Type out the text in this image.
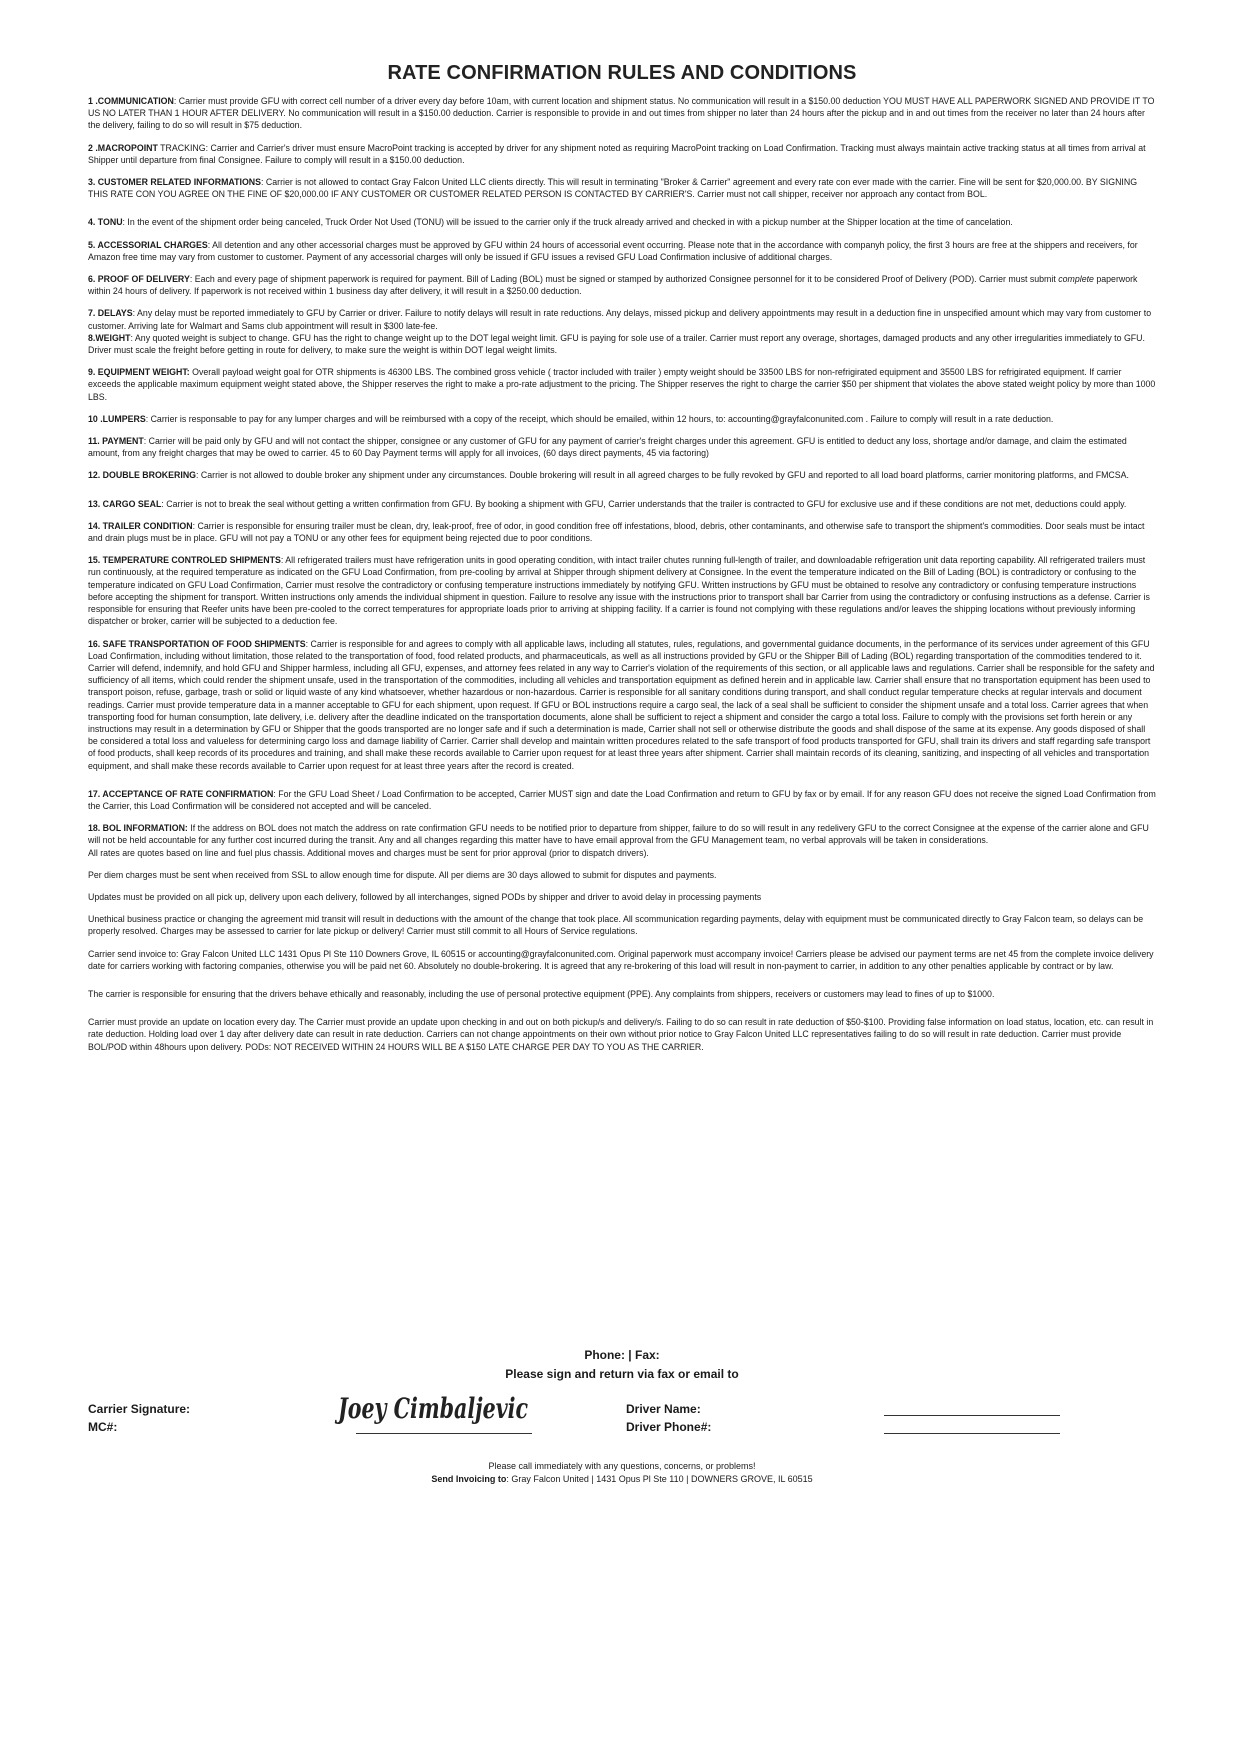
RATE CONFIRMATION RULES AND CONDITIONS

1 .COMMUNICATION: Carrier must provide GFU with correct cell number of a driver every day before 10am, with current location and shipment status. No communication will result in a $150.00 deduction YOU MUST HAVE ALL PAPERWORK SIGNED AND PROVIDE IT TO US NO LATER THAN 1 HOUR AFTER DELIVERY. No communication will result in a $150.00 deduction. Carrier is responsible to provide in and out times from shipper no later than 24 hours after the pickup and in and out times from the receiver no later than 24 hours after the delivery, failing to do so will result in $75 deduction.

2 .MACROPOINT TRACKING: Carrier and Carrier's driver must ensure MacroPoint tracking is accepted by driver for any shipment noted as requiring MacroPoint tracking on Load Confirmation. Tracking must always maintain active tracking status at all times from arrival at Shipper until departure from final Consignee. Failure to comply will result in a $150.00 deduction.

3. CUSTOMER RELATED INFORMATIONS: Carrier is not allowed to contact Gray Falcon United LLC clients directly. This will result in terminating "Broker & Carrier" agreement and every rate con ever made with the carrier. Fine will be sent for $20,000.00. BY SIGNING THIS RATE CON YOU AGREE ON THE FINE OF $20,000.00 IF ANY CUSTOMER OR CUSTOMER RELATED PERSON IS CONTACTED BY CARRIER'S. Carrier must not call shipper, receiver nor approach any contact from BOL.

4. TONU: In the event of the shipment order being canceled, Truck Order Not Used (TONU) will be issued to the carrier only if the truck already arrived and checked in with a pickup number at the Shipper location at the time of cancelation.

5. ACCESSORIAL CHARGES: All detention and any other accessorial charges must be approved by GFU within 24 hours of accessorial event occurring. Please note that in the accordance with companyh policy, the first 3 hours are free at the shippers and receivers, for Amazon free time may vary from customer to customer. Payment of any accessorial charges will only be issued if GFU issues a revised GFU Load Confirmation inclusive of additional charges.

6. PROOF OF DELIVERY: Each and every page of shipment paperwork is required for payment. Bill of Lading (BOL) must be signed or stamped by authorized Consignee personnel for it to be considered Proof of Delivery (POD). Carrier must submit complete paperwork within 24 hours of delivery. If paperwork is not received within 1 business day after delivery, it will result in a $250.00 deduction.

7. DELAYS: Any delay must be reported immediately to GFU by Carrier or driver. Failure to notify delays will result in rate reductions. Any delays, missed pickup and delivery appointments may result in a deduction fine in unspecified amount which may vary from customer to customer. Arriving late for Walmart and Sams club appointment will result in $300 late-fee.

8.WEIGHT: Any quoted weight is subject to change. GFU has the right to change weight up to the DOT legal weight limit. GFU is paying for sole use of a trailer. Carrier must report any overage, shortages, damaged products and any other irregularities immediately to GFU. Driver must scale the freight before getting in route for delivery, to make sure the weight is within DOT legal weight limits.

9. EQUIPMENT WEIGHT: Overall payload weight goal for OTR shipments is 46300 LBS. The combined gross vehicle ( tractor included with trailer ) empty weight should be 33500 LBS for non-refrigirated equipment and 35500 LBS for refrigirated equipment. If carrier exceeds the applicable maximum equipment weight stated above, the Shipper reserves the right to make a pro-rate adjustment to the pricing. The Shipper reserves the right to charge the carrier $50 per shipment that violates the above stated weight policy by more than 1000 LBS.

10 .LUMPERS: Carrier is responsable to pay for any lumper charges and will be reimbursed with a copy of the receipt, which should be emailed, within 12 hours, to: accounting@grayfalconunited.com . Failure to comply will result in a rate deduction.

11. PAYMENT: Carrier will be paid only by GFU and will not contact the shipper, consignee or any customer of GFU for any payment of carrier's freight charges under this agreement. GFU is entitled to deduct any loss, shortage and/or damage, and claim the estimated amount, from any freight charges that may be owed to carrier. 45 to 60 Day Payment terms will apply for all invoices, (60 days direct payments, 45 via factoring)

12. DOUBLE BROKERING: Carrier is not allowed to double broker any shipment under any circumstances. Double brokering will result in all agreed charges to be fully revoked by GFU and reported to all load board platforms, carrier monitoring platforms, and FMCSA.

13. CARGO SEAL: Carrier is not to break the seal without getting a written confirmation from GFU. By booking a shipment with GFU, Carrier understands that the trailer is contracted to GFU for exclusive use and if these conditions are not met, deductions could apply.

14. TRAILER CONDITION: Carrier is responsible for ensuring trailer must be clean, dry, leak-proof, free of odor, in good condition free off infestations, blood, debris, other contaminants, and otherwise safe to transport the shipment's commodities. Door seals must be intact and drain plugs must be in place. GFU will not pay a TONU or any other fees for equipment being rejected due to poor conditions.

15. TEMPERATURE CONTROLED SHIPMENTS: All refrigerated trailers must have refrigeration units in good operating condition, with intact trailer chutes running full-length of trailer, and downloadable refrigeration unit data reporting capability. All refrigerated trailers must run continuously, at the required temperature as indicated on the GFU Load Confirmation, from pre-cooling by arrival at Shipper through shipment delivery at Consignee. In the event the temperature indicated on the Bill of Lading (BOL) is contradictory or confusing to the temperature indicated on GFU Load Confirmation, Carrier must resolve the contradictory or confusing temperature instructions immediately by notifying GFU. Written instructions by GFU must be obtained to resolve any contradictory or confusing temperature instructions before accepting the shipment for transport. Written instructions only amends the individual shipment in question. Failure to resolve any issue with the instructions prior to transport shall bar Carrier from using the contradictory or confusing instructions as a defense. Carrier is responsible for ensuring that Reefer units have been pre-cooled to the correct temperatures for appropriate loads prior to arriving at shipping facility. If a carrier is found not complying with these regulations and/or leaves the shipping locations without previously informing dispatcher or broker, carrier will be subjected to a deduction fee.

16. SAFE TRANSPORTATION OF FOOD SHIPMENTS: Carrier is responsible for and agrees to comply with all applicable laws, including all statutes, rules, regulations, and governmental guidance documents, in the performance of its services under agreement of this GFU Load Confirmation, including without limitation, those related to the transportation of food, food related products, and pharmaceuticals, as well as all instructions provided by GFU or the Shipper Bill of Lading (BOL) regarding transportation of the commodities tendered to it. Carrier will defend, indemnify, and hold GFU and Shipper harmless, including all GFU, expenses, and attorney fees related in any way to Carrier's violation of the requirements of this section, or all applicable laws and regulations. Carrier shall be responsible for the safety and sufficiency of all items, which could render the shipment unsafe, used in the transportation of the commodities, including all vehicles and transportation equipment as defined herein and in applicable law. Carrier shall ensure that no transportation equipment has been used to transport poison, refuse, garbage, trash or solid or liquid waste of any kind whatsoever, whether hazardous or non-hazardous. Carrier is responsible for all sanitary conditions during transport, and shall conduct regular temperature checks at regular intervals and document readings. Carrier must provide temperature data in a manner acceptable to GFU for each shipment, upon request. If GFU or BOL instructions require a cargo seal, the lack of a seal shall be sufficient to consider the shipment unsafe and a total loss. Carrier agrees that when transporting food for human consumption, late delivery, i.e. delivery after the deadline indicated on the transportation documents, alone shall be sufficient to reject a shipment and consider the cargo a total loss. Failure to comply with the provisions set forth herein or any instructions may result in a determination by GFU or Shipper that the goods transported are no longer safe and if such a determination is made, Carrier shall not sell or otherwise distribute the goods and shall dispose of the same at its expense. Any goods disposed of shall be considered a total loss and valueless for determining cargo loss and damage liability of Carrier. Carrier shall develop and maintain written procedures related to the safe transport of food products transported for GFU, shall train its drivers and staff regarding safe transport of food products, shall keep records of its procedures and training, and shall make these records available to Carrier upon request for at least three years after shipment. Carrier shall maintain records of its cleaning, sanitizing, and inspecting of all vehicles and transportation equipment, and shall make these records available to Carrier upon request for at least three years after the record is created.

17. ACCEPTANCE OF RATE CONFIRMATION: For the GFU Load Sheet / Load Confirmation to be accepted, Carrier MUST sign and date the Load Confirmation and return to GFU by fax or by email. If for any reason GFU does not receive the signed Load Confirmation from the Carrier, this Load Confirmation will be considered not accepted and will be canceled.

18. BOL INFORMATION: If the address on BOL does not match the address on rate confirmation GFU needs to be notified prior to departure from shipper, failure to do so will result in any redelivery GFU to the correct Consignee at the expense of the carrier alone and GFU will not be held accountable for any further cost incurred during the transit. Any and all changes regarding this matter have to have email approval from the GFU Management team, no verbal approvals will be taken in considerations.

All rates are quotes based on line and fuel plus chassis. Additional moves and charges must be sent for prior approval (prior to dispatch drivers).

Per diem charges must be sent when received from SSL to allow enough time for dispute. All per diems are 30 days allowed to submit for disputes and payments.

Updates must be provided on all pick up, delivery upon each delivery, followed by all interchanges, signed PODs by shipper and driver to avoid delay in processing payments

Unethical business practice or changing the agreement mid transit will result in deductions with the amount of the change that took place. All scommunication regarding payments, delay with equipment must be communicated directly to Gray Falcon team, so delays can be properly resolved. Charges may be assessed to carrier for late pickup or delivery! Carrier must still commit to all Hours of Service regulations.

Carrier send invoice to: Gray Falcon United LLC 1431 Opus Pl Ste 110 Downers Grove, IL 60515 or accounting@grayfalconunited.com. Original paperwork must accompany invoice! Carriers please be advised our payment terms are net 45 from the complete invoice delivery date for carriers working with factoring companies, otherwise you will be paid net 60. Absolutely no double-brokering. It is agreed that any re-brokering of this load will result in non-payment to carrier, in addition to any other penalties applicable by contract or by law.

The carrier is responsible for ensuring that the drivers behave ethically and reasonably, including the use of personal protective equipment (PPE). Any complaints from shippers, receivers or customers may lead to fines of up to $1000.

Carrier must provide an update on location every day. The Carrier must provide an update upon checking in and out on both pickup/s and delivery/s. Failing to do so can result in rate deduction of $50-$100. Providing false information on load status, location, etc. can result in rate deduction. Holding load over 1 day after delivery date can result in rate deduction. Carriers can not change appointments on their own without prior notice to Gray Falcon United LLC representatives failing to do so will result in rate deduction. Carrier must provide BOL/POD within 48hours upon delivery. PODs: NOT RECEIVED WITHIN 24 HOURS WILL BE A $150 LATE CHARGE PER DAY TO YOU AS THE CARRIER.

Phone: | Fax:
Please sign and return via fax or email to
Carrier Signature:
MC#:
Joey Cimbaljevic	Driver Name:
Driver Phone#:
Please call immediately with any questions, concerns, or problems!
Send Invoicing to: Gray Falcon United | 1431 Opus Pl Ste 110 | DOWNERS GROVE, IL 60515
